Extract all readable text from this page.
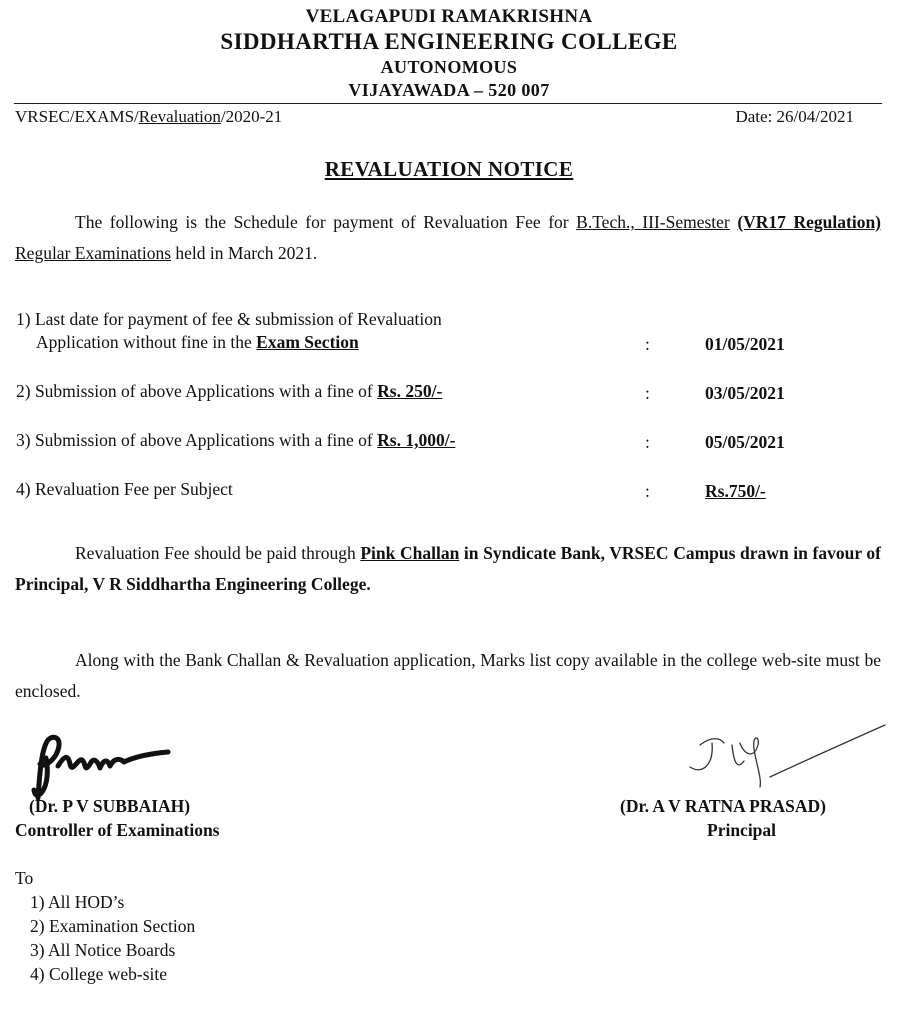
VELAGAPUDI RAMAKRISHNA
SIDDHARTHA ENGINEERING COLLEGE
AUTONOMOUS
VIJAYAWADA – 520 007
VRSEC/EXAMS/Revaluation/2020-21	Date: 26/04/2021
REVALUATION NOTICE
The following is the Schedule for payment of Revaluation Fee for B.Tech., III-Semester (VR17 Regulation) Regular Examinations held in March 2021.
1) Last date for payment of fee & submission of Revaluation
Application without fine in the Exam Section	:	01/05/2021
2) Submission of above Applications with a fine of Rs. 250/-	:	03/05/2021
3) Submission of above Applications with a fine of Rs. 1,000/-	:	05/05/2021
4) Revaluation Fee per Subject	:	Rs.750/-
Revaluation Fee should be paid through Pink Challan in Syndicate Bank, VRSEC Campus drawn in favour of Principal, V R Siddhartha Engineering College.
Along with the Bank Challan & Revaluation application, Marks list copy available in the college web-site must be enclosed.
(Dr. P V SUBBAIAH)
Controller of Examinations
(Dr. A V RATNA PRASAD)
Principal
To
1) All HOD’s
2) Examination Section
3) All Notice Boards
4) College web-site
